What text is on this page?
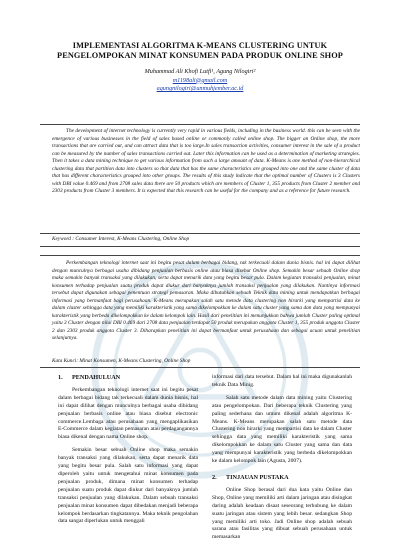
IMPLEMENTASI ALGORITMA K-MEANS CLUSTERING UNTUK
PENGELOMPOKAN MINAT KONSUMEN PADA PRODUK ONLINE SHOP
Muhammad Ali Khofi Lutfi¹, Agung Nilogiri²
m1198ali@gmail.com
agungnilogiri@unmuhjember.ac.id
The development of internet technology is currently very rapid in various fields, including in the business world. this can be seen with the emergence of various businesses in the field of sales based online or commonly called online shop. The bigger an Online shop, the more transactions that are carried out, and can attract data that is too large.In sales transaction activities, consumer interest in the sale of a product can be measured by the number of sales transactions carried out. Later this information can be used as a determination of marketing strategies. Then it takes a data mining technique to get various information from such a large amount of data. K-Means is one method of non-hierarchical clustering data that partition data into clusters so that data that has the same characteristics are grouped into one and the same cluster of data that has different characteristics grouped into other groups. The results of this study indicate that the optimal number of Clusters is 3 Clusters with DBI value 0.469 and from 2708 sales data there are 50 products which are members of Cluster 1, 355 products from Cluster 2 member and 2303 products from Cluster 3 members. It is expected that this research can be useful for the company and as a reference for future research.
Keyword : Consumer Interest, K-Means Clustering, Online Shop
Perkembangan teknologi internet saat ini begitu pesat dalam berbagai bidang, tak terkecuali dalam dunia bisnis. hal ini dapat dilihat dengan munculnya berbagai usaha dibidang penjualan berbasis online atau biasa disebut Online shop. Semakin besar sebuah Online shop maka semakin banyak transaksi yang dilakukan, serta dapat menarik data yang begitu besar pula. Dalam kegiatan transaksi penjualan, minat konsumen terhadap penjualan suatu produk dapat diukur dari banyaknya jumlah transaksi penjualan yang dilakukan. Nantinya informasi tersebut dapat digunakan sebagai penentuan strategi pemasaran. Maka dibutuhkan sebuah Teknik data mining untuk mendapatkan berbagai informasi yang bermanfaat bagi perusahaan. K-Means merupakan salah satu metode data clustering non hirarki yang mempartisi data ke dalam cluster sehingga data yang memiliki karakteristik yang sama dikelompokkan ke dalam satu cluster yang sama dan data yang mempunyai karakteristik yang berbeda dikelompokkan ke dalam kelompok lain. Hasil dari penelitian ini menunjukkan bahwa jumlah Cluster paling optimal yaitu 3 Cluster dengan nilai DBI 0.469 dari 2708 data penjualan terdapat 50 produk merupakan anggota Cluster 1, 355 produk anggota Cluster 2 dan 2303 produk anggota Cluster 3. Diharapkan penelitian ini dapat bermanfaat untuk perusahaan dan sebagai acuan untuk penelitian selanjutnya.
Kata Kunci: Minat Konsumen, K-Means Clustering, Online Shop
1. PENDAHULUAN

Perkembangan teknologi internet saat ini begitu pesat dalam berbagai bidang tak terkecuali dalam dunia bisnis, hal ini dapat dilihat dengan munculnya berbagai usaha dibidang penjualan berbasis online atau biasa disebut electronic commerce.Lembaga atau perusahaan yang mengaplikasikan E-Commerce dalam kegiatan pemasaran atau perdagangannya biasa dikenal dengan nama Online shop.

Semakin besar sebuah Online shop maka semakin banyak transaksi yang dilakukan, serta dapat menarik data yang begitu besar pula. Salah satu informasi yang dapat diperoleh yaitu untuk mengetahui minat konsumen pada penjualan produk, dimana minat konsumen terhadap penjualan suatu produk dapat diukur dari banyaknya jumlah transaksi penjualan yang dilakukan. Dalam sebuah transaksi penjualan minat konsumen dapat dibedakan menjadi beberapa kelompok berdasarkan tingkatannya. Maka teknik pengolahan data sangat diperlukan untuk menggali

informasi dari data tersebut. Dalam hal ini maka digunakanlah teknik Data Minig.

Salah satu metode dalam data mining yaitu Clustering atau pengelompokan. Dari beberapa teknik Clustering yang paling sederhana dan umum dikenal adalah algoritma K-Means. K-Means merupakan salah satu metode data Clustering non hirarki yang mempartisi data ke dalam Cluster sehingga data yang memiliki karakteristik yang sama dikelompokkan ke dalam satu Cluster yang sama dan data yang mempunyai karakteristik yang berbeda dikelompokkan ke dalam kelompok lain (Agusta, 2007).

2. TINJAUAN PUSTAKA

Online Shop berasal dari dua kata yaitu Online dan Shop, Online yang memiliki arti dalam jaringan atau disingkat daring adalah keadaan disaat seseorang terhubung ke dalam suatu jaringan atau sistem yang lebih besar. sedangkan Shop yang memiliki arti toko. Jadi Online shop adalah sebuah sarana atau fasilitas yang dibuat sebuah perusahaan untuk memasarkan
